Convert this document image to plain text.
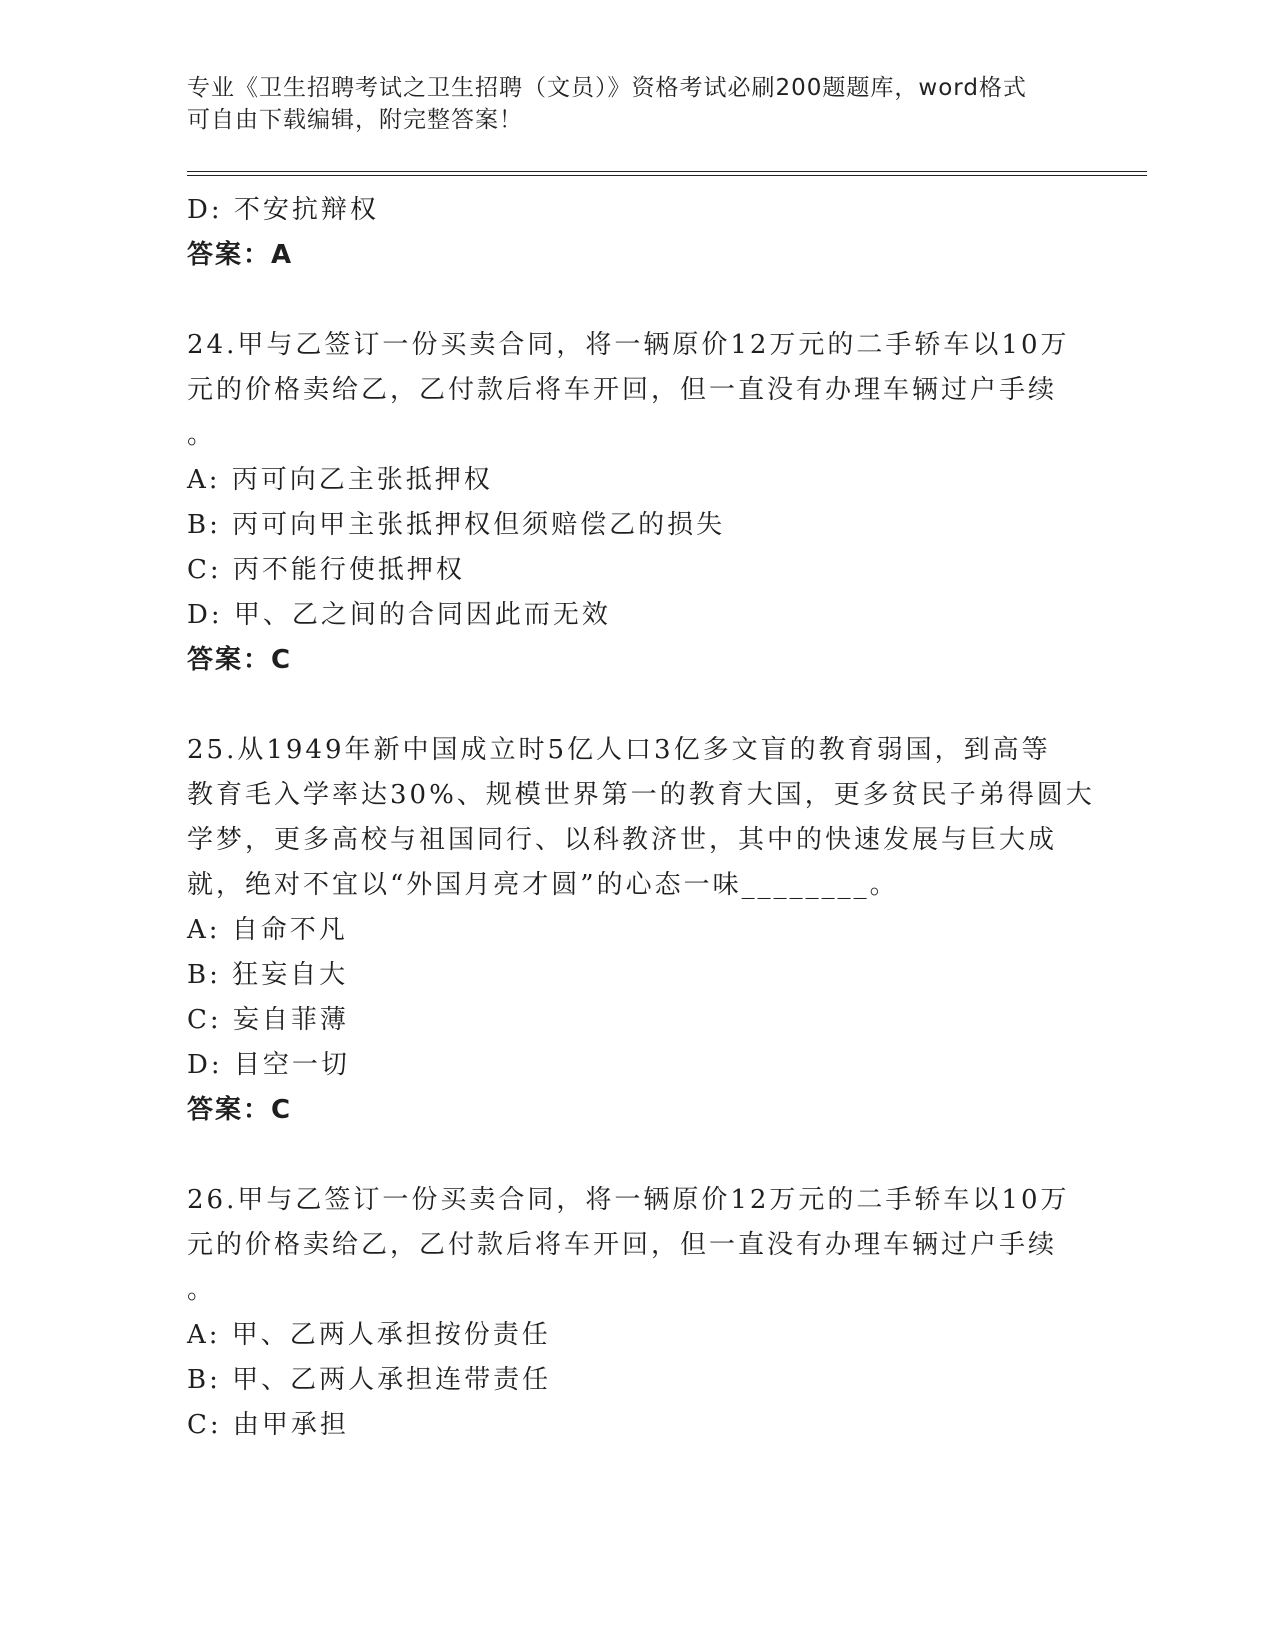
专业《卫生招聘考试之卫生招聘（文员）》资格考试必刷200题题库，word格式
可自由下载编辑，附完整答案！
D: 不安抗辩权
答案：A
24.甲与乙签订一份买卖合同，将一辆原价12万元的二手轿车以10万
元的价格卖给乙，乙付款后将车开回，但一直没有办理车辆过户手续
。
A: 丙可向乙主张抵押权
B: 丙可向甲主张抵押权但须赔偿乙的损失
C: 丙不能行使抵押权
D: 甲、乙之间的合同因此而无效
答案：C
25.从1949年新中国成立时5亿人口3亿多文盲的教育弱国，到高等
教育毛入学率达30%、规模世界第一的教育大国，更多贫民子弟得圆大
学梦，更多高校与祖国同行、以科教济世，其中的快速发展与巨大成
就，绝对不宜以“外国月亮才圆”的心态一味________。
A: 自命不凡
B: 狂妄自大
C: 妄自菲薄
D: 目空一切
答案：C
26.甲与乙签订一份买卖合同，将一辆原价12万元的二手轿车以10万
元的价格卖给乙，乙付款后将车开回，但一直没有办理车辆过户手续
。
A: 甲、乙两人承担按份责任
B: 甲、乙两人承担连带责任
C: 由甲承担
